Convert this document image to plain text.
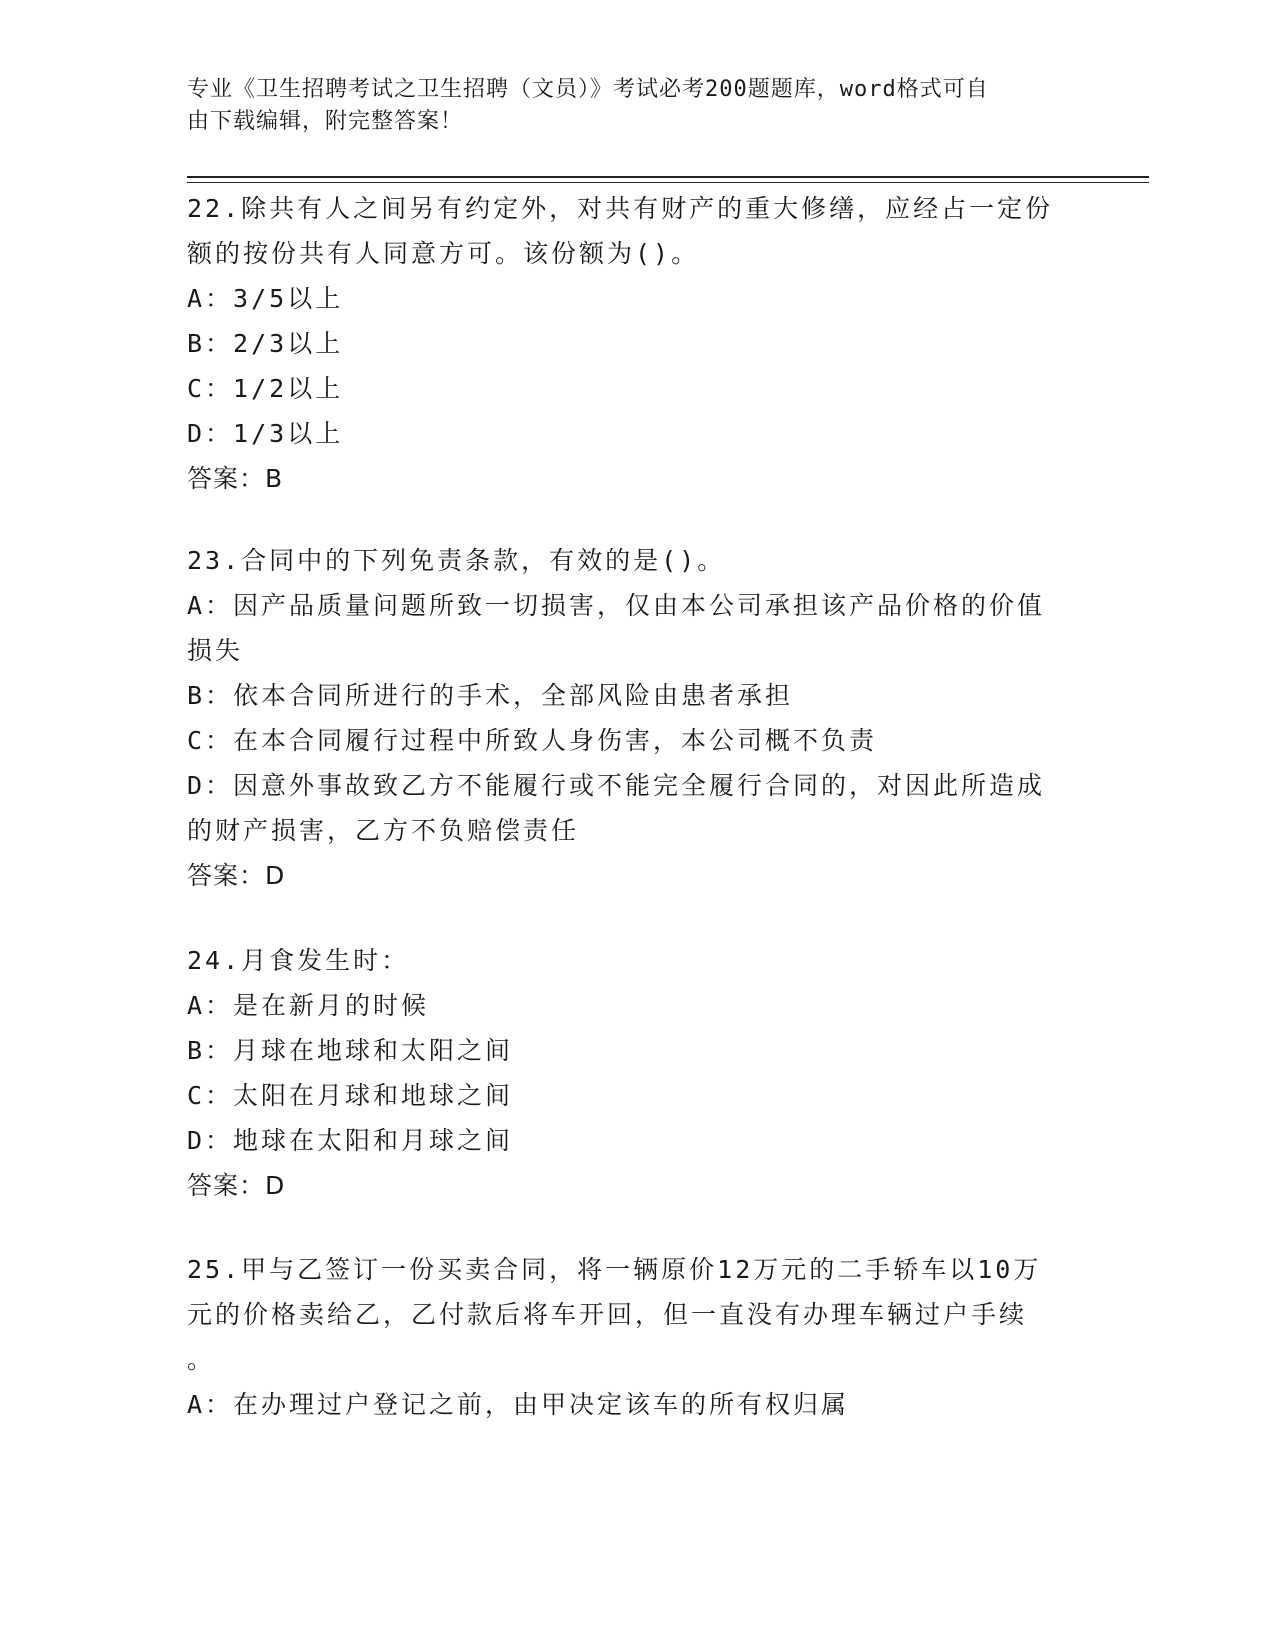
专业《卫生招聘考试之卫生招聘（文员）》考试必考200题题库，word格式可自
由下载编辑，附完整答案！

22.除共有人之间另有约定外，对共有财产的重大修缮，应经占一定份

额的按份共有人同意方可。该份额为()。

A：3/5以上

B：2/3以上

C：1/2以上

D：1/3以上

答案：B

23.合同中的下列免责条款，有效的是()。

A：因产品质量问题所致一切损害，仅由本公司承担该产品价格的价值

损失

B：依本合同所进行的手术，全部风险由患者承担

C：在本合同履行过程中所致人身伤害，本公司概不负责

D：因意外事故致乙方不能履行或不能完全履行合同的，对因此所造成

的财产损害，乙方不负赔偿责任

答案：D

24.月食发生时：

A：是在新月的时候

B：月球在地球和太阳之间

C：太阳在月球和地球之间

D：地球在太阳和月球之间

答案：D

25.甲与乙签订一份买卖合同，将一辆原价12万元的二手轿车以10万

元的价格卖给乙，乙付款后将车开回，但一直没有办理车辆过户手续

。

A：在办理过户登记之前，由甲决定该车的所有权归属
